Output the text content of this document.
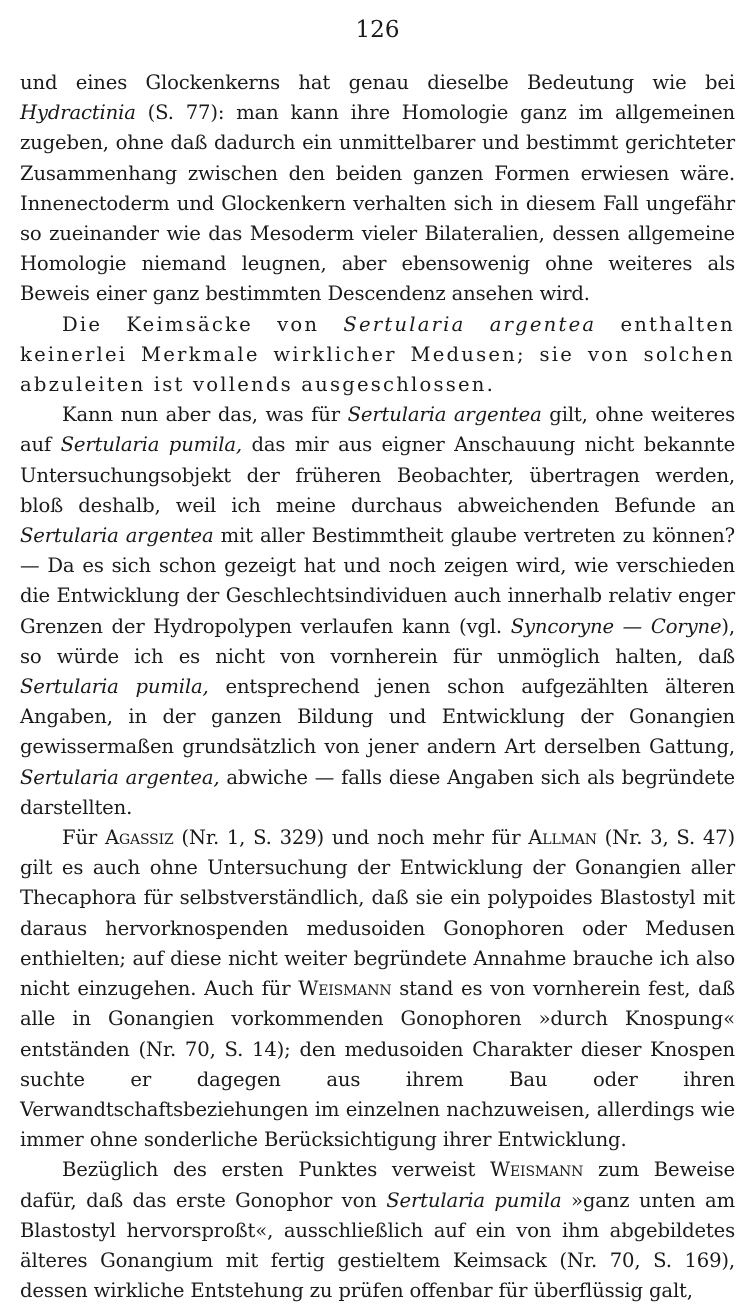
126

und eines Glockenkerns hat genau dieselbe Bedeutung wie bei Hydractinia (S. 77): man kann ihre Homologie ganz im allgemeinen zugeben, ohne daß dadurch ein unmittelbarer und bestimmt gerichteter Zusammenhang zwischen den beiden ganzen Formen erwiesen wäre. Innenectoderm und Glockenkern verhalten sich in diesem Fall ungefähr so zueinander wie das Mesoderm vieler Bilateralien, dessen allgemeine Homologie niemand leugnen, aber ebensowenig ohne weiteres als Beweis einer ganz bestimmten Descendenz ansehen wird.

Die Keimsäcke von Sertularia argentea enthalten keinerlei Merkmale wirklicher Medusen; sie von solchen abzuleiten ist vollends ausgeschlossen.

Kann nun aber das, was für Sertularia argentea gilt, ohne weiteres auf Sertularia pumila, das mir aus eigner Anschauung nicht bekannte Untersuchungsobjekt der früheren Beobachter, übertragen werden, bloß deshalb, weil ich meine durchaus abweichenden Befunde an Sertularia argentea mit aller Bestimmtheit glaube vertreten zu können? — Da es sich schon gezeigt hat und noch zeigen wird, wie verschieden die Entwicklung der Geschlechtsindividuen auch innerhalb relativ enger Grenzen der Hydropolypen verlaufen kann (vgl. Syncoryne — Coryne), so würde ich es nicht von vornherein für unmöglich halten, daß Sertularia pumila, entsprechend jenen schon aufgezählten älteren Angaben, in der ganzen Bildung und Entwicklung der Gonangien gewissermaßen grundsätzlich von jener andern Art derselben Gattung, Sertularia argentea, abwiche — falls diese Angaben sich als begründete darstellten.

Für Agassiz (Nr. 1, S. 329) und noch mehr für Allman (Nr. 3, S. 47) gilt es auch ohne Untersuchung der Entwicklung der Gonangien aller Thecaphora für selbstverständlich, daß sie ein polypoides Blastostyl mit daraus hervorknospenden medusoiden Gonophoren oder Medusen enthielten; auf diese nicht weiter begründete Annahme brauche ich also nicht einzugehen. Auch für Weismann stand es von vornherein fest, daß alle in Gonangien vorkommenden Gonophoren »durch Knospung« entständen (Nr. 70, S. 14); den medusoiden Charakter dieser Knospen suchte er dagegen aus ihrem Bau oder ihren Verwandtschaftsbeziehungen im einzelnen nachzuweisen, allerdings wie immer ohne sonderliche Berücksichtigung ihrer Entwicklung.

Bezüglich des ersten Punktes verweist Weismann zum Beweise dafür, daß das erste Gonophor von Sertularia pumila »ganz unten am Blastostyl hervorsproßt«, ausschließlich auf ein von ihm abgebildetes älteres Gonangium mit fertig gestieltem Keimsack (Nr. 70, S. 169), dessen wirkliche Entstehung zu prüfen offenbar für überflüssig galt,
